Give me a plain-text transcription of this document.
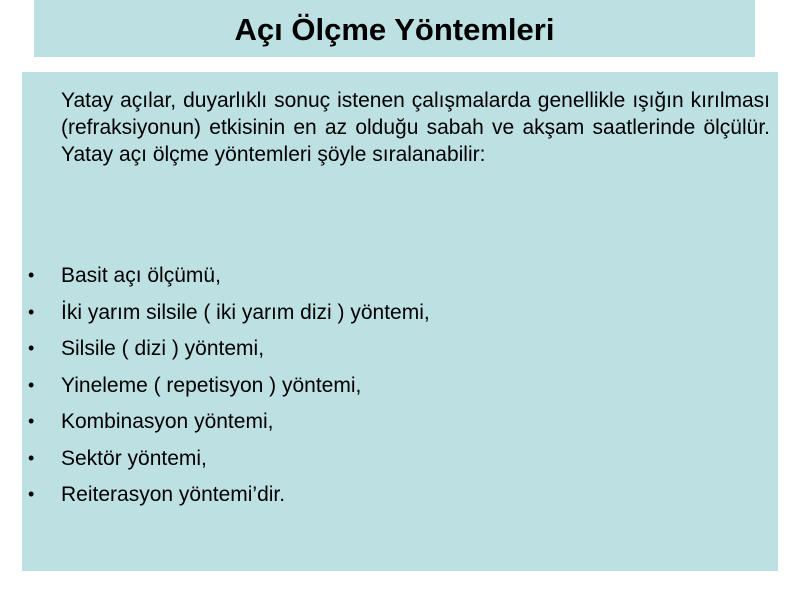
Açı Ölçme Yöntemleri

Yatay açılar, duyarlıklı sonuç istenen çalışmalarda genellikle ışığın kırılması (refraksiyonun) etkisinin en az olduğu sabah ve akşam saatlerinde ölçülür. Yatay açı ölçme yöntemleri şöyle sıralanabilir:

• Basit açı ölçümü,
• İki yarım silsile ( iki yarım dizi ) yöntemi,
• Silsile ( dizi ) yöntemi,
• Yineleme ( repetisyon ) yöntemi,
• Kombinasyon yöntemi,
• Sektör yöntemi,
• Reiterasyon yöntemi’dir.
